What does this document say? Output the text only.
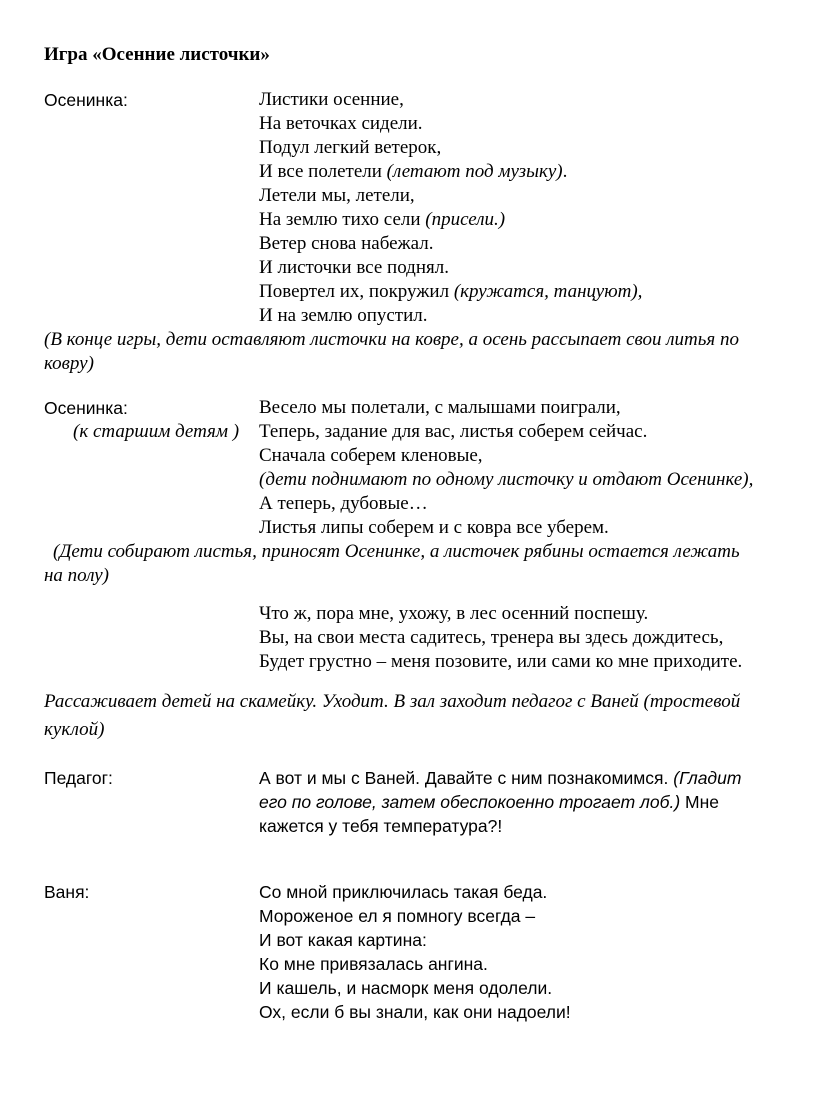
Игра «Осенние листочки»
Осенинка:	Листики осенние,
На веточках сидели.
Подул легкий ветерок,
И все полетели (летают под музыку).
Летели мы, летели,
На землю тихо сели (присели.)
Ветер снова набежал.
И листочки все поднял.
Повертел их, покружил (кружатся, танцуют),
И на землю опустил.
(В конце игры, дети оставляют листочки на ковре, а осень рассыпает свои литья по
ковру)
Осенинка:	Весело мы полетали, с малышами поиграли,
(к старшим детям ) Теперь, задание для вас, листья соберем сейчас.
Сначала соберем кленовые,
(дети поднимают по одному листочку и отдают Осенинке),
А теперь, дубовые…
Листья липы соберем и с ковра все уберем.
(Дети собирают листья, приносят Осенинке, а листочек рябины остается лежать
на полу)
Что ж, пора мне, ухожу, в лес осенний поспешу.
Вы, на свои места садитесь, тренера вы здесь дождитесь,
Будет грустно – меня позовите, или сами ко мне приходите.
Рассаживает детей на скамейку. Уходит. В зал заходит педагог с Ваней (тростевой
куклой)
Педагог:	А вот и мы с Ваней. Давайте с ним познакомимся. (Гладит
его по голове, затем обеспокоенно трогает лоб.) Мне
кажется у тебя температура?!
Ваня:	Со мной приключилась такая беда.
Мороженое ел я помногу всегда –
И вот какая картина:
Ко мне привязалась ангина.
И кашель, и насморк меня одолели.
Ох, если б вы знали, как они надоели!
